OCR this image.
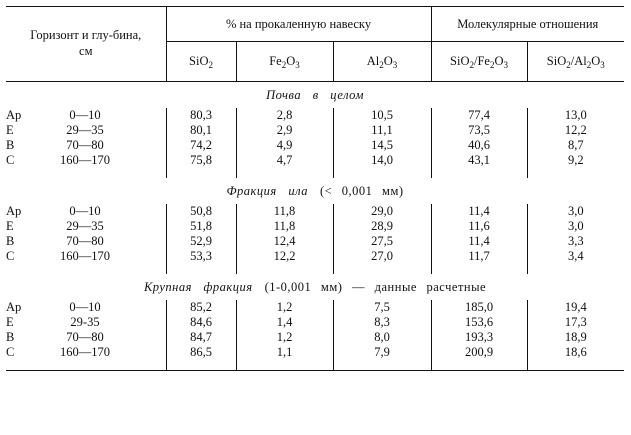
Горизонт и глу-бина, см	% на прокаленную навеску			Молекулярные отношения	
	SiO$_2$	$Fe_2O_3$	$Al_2O_3$	$SiO_2/Fe_2O_3$	$SiO_2/Al_2O_3$
Почва в целом					
Ap 0—10	80,3	2,8	10,5	77,4	13,0
E 29—35	80,1	2,9	11,1	73,5	12,2
B 70—80	74,2	4,9	14,5	40,6	8,7
C 160—170	75,8	4,7	14,0	43,1	9,2

Фракция ила (< 0,001 мм)					
Ap 0—10	50,8	11,8	29,0	11,4	3,0
E 29—35	51,8	11,8	28,9	11,6	3,0
B 70—80	52,9	12,4	27,5	11,4	3,3
C 160—170	53,3	12,2	27,0	11,7	3,4

Крупная фракция (1-0,001 мм) — данные расчетные					
Ap 0—10	85,2	1,2	7,5	185,0	19,4
E 29-35	84,6	1,4	8,3	153,6	17,3
B 70—80	84,7	1,2	8,0	193,3	18,9
C 160—170	86,5	1,1	7,9	200,9	18,6
